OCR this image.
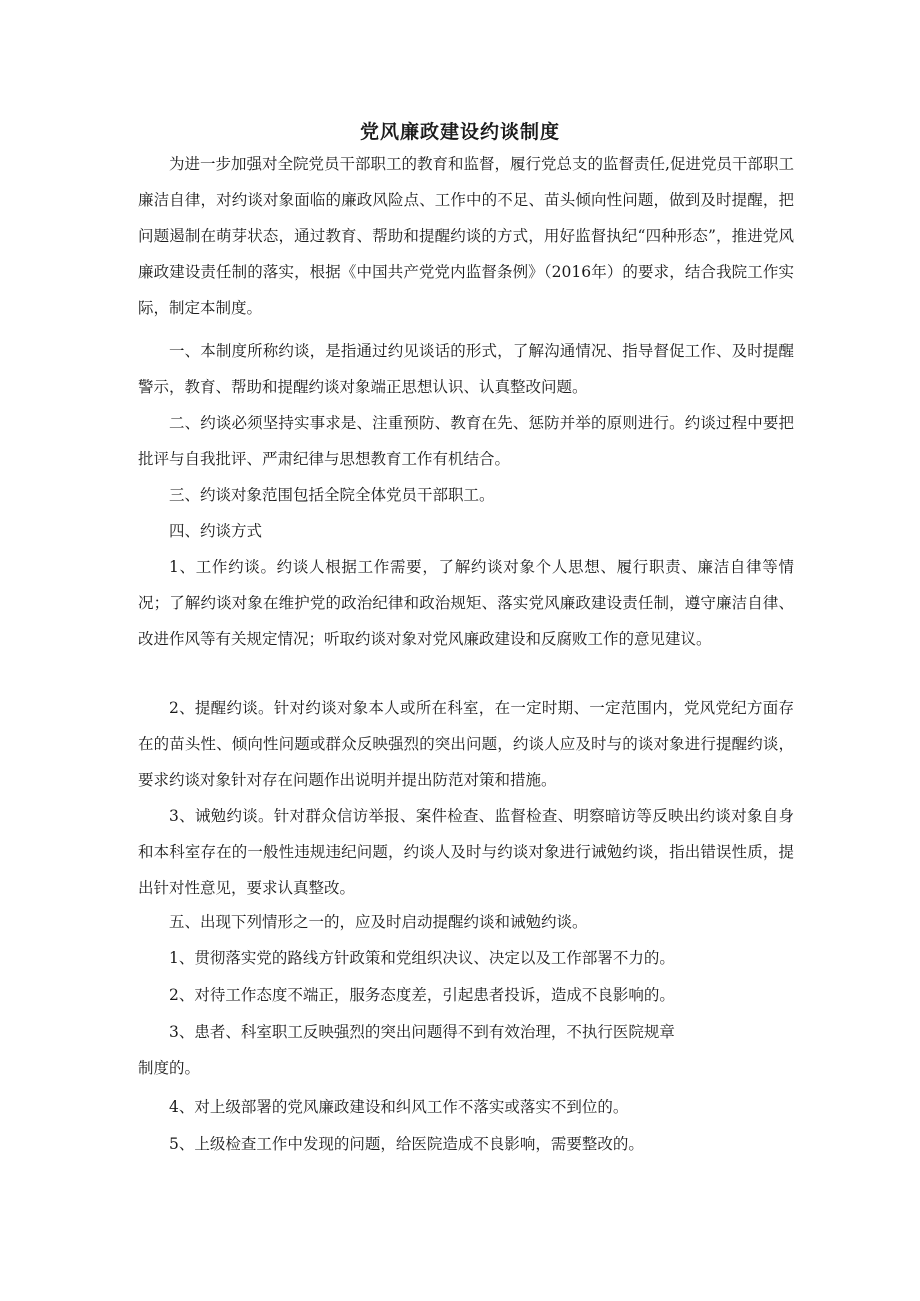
党风廉政建设约谈制度

为进一步加强对全院党员干部职工的教育和监督，履行党总支的监督责任,促进党员干部职工廉洁自律，对约谈对象面临的廉政风险点、工作中的不足、苗头倾向性问题，做到及时提醒，把问题遏制在萌芽状态，通过教育、帮助和提醒约谈的方式，用好监督执纪“四种形态”，推进党风廉政建设责任制的落实，根据《中国共产党党内监督条例》（2016年）的要求，结合我院工作实际，制定本制度。

一、本制度所称约谈，是指通过约见谈话的形式，了解沟通情况、指导督促工作、及时提醒警示，教育、帮助和提醒约谈对象端正思想认识、认真整改问题。

二、约谈必须坚持实事求是、注重预防、教育在先、惩防并举的原则进行。约谈过程中要把批评与自我批评、严肃纪律与思想教育工作有机结合。

三、约谈对象范围包括全院全体党员干部职工。

四、约谈方式

1、工作约谈。约谈人根据工作需要，了解约谈对象个人思想、履行职责、廉洁自律等情况；了解约谈对象在维护党的政治纪律和政治规矩、落实党风廉政建设责任制，遵守廉洁自律、改进作风等有关规定情况；听取约谈对象对党风廉政建设和反腐败工作的意见建议。

2、提醒约谈。针对约谈对象本人或所在科室，在一定时期、一定范围内，党风党纪方面存在的苗头性、倾向性问题或群众反映强烈的突出问题，约谈人应及时与的谈对象进行提醒约谈，要求约谈对象针对存在问题作出说明并提出防范对策和措施。

3、诫勉约谈。针对群众信访举报、案件检查、监督检查、明察暗访等反映出约谈对象自身和本科室存在的一般性违规违纪问题，约谈人及时与约谈对象进行诫勉约谈，指出错误性质，提出针对性意见，要求认真整改。

五、出现下列情形之一的，应及时启动提醒约谈和诫勉约谈。

1、贯彻落实党的路线方针政策和党组织决议、决定以及工作部署不力的。

2、对待工作态度不端正，服务态度差，引起患者投诉，造成不良影响的。

3、患者、科室职工反映强烈的突出问题得不到有效治理，不执行医院规章

制度的。

4、对上级部署的党风廉政建设和纠风工作不落实或落实不到位的。

5、上级检查工作中发现的问题，给医院造成不良影响，需要整改的。
